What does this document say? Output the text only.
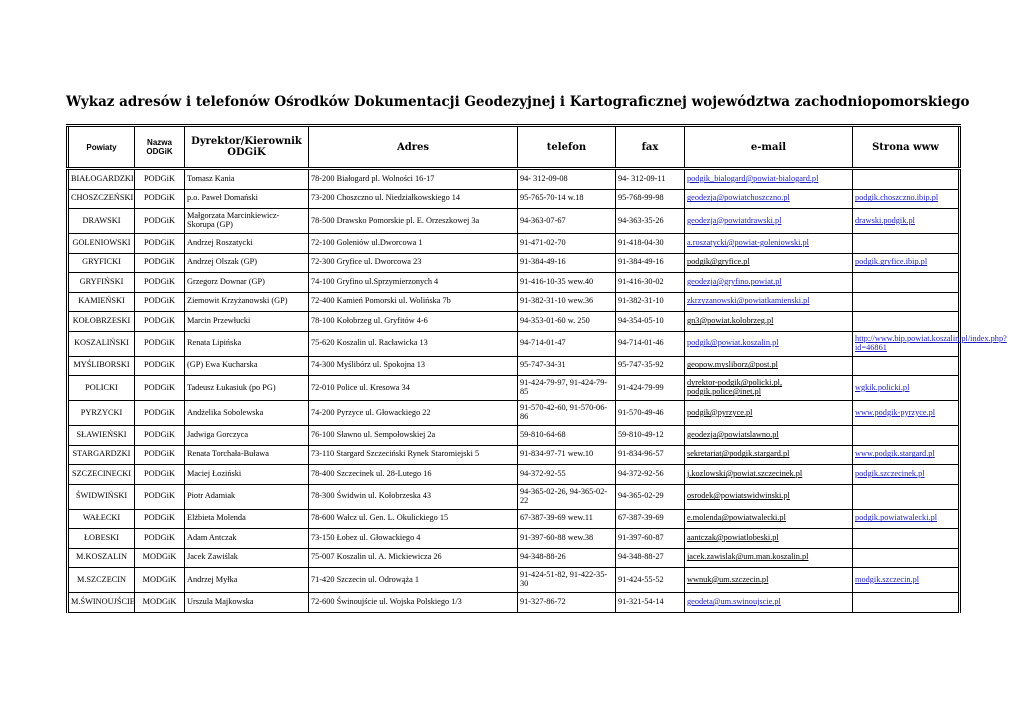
Wykaz adresów i telefonów Ośrodków Dokumentacji Geodezyjnej i Kartograficznej województwa zachodniopomorskiego
Powiaty	Nazwa ODGiK	Dyrektor/Kierownik ODGiK	Adres	telefon	fax	e-mail	Strona www
BIAŁOGARDZKI	PODGiK	Tomasz Kania	78-200 Białogard pl. Wolności 16-17	94- 312-09-08	94- 312-09-11	podgik_bialogard@powiat-bialogard.pl	
CHOSZCZEŃSKI	PODGiK	p.o. Paweł Domański	73-200 Choszczno ul. Niedziałkowskiego 14	95-765-70-14 w.18	95-768-99-98	geodezja@powiatchoszczno.pl	podgik.choszczno.ibip.pl
DRAWSKI	PODGiK	Małgorzata Marcinkiewicz-Skorupa (GP)	78-500 Drawsko Pomorskie pl. E. Orzeszkowej 3a	94-363-07-67	94-363-35-26	geodezja@powiatdrawski.pl	drawski.podgik.pl
GOLENIOWSKI	PODGiK	Andrzej Roszatycki	72-100 Goleniów ul.Dworcowa 1	91-471-02-70	91-418-04-30	a.roszatycki@powiat-goleniowski.pl	
GRYFICKI	PODGiK	Andrzej Olszak (GP)	72-300 Gryfice ul. Dworcowa 23	91-384-49-16	91-384-49-16	podgik@gryfice.pl	podgik.gryfice.ibip.pl
GRYFIŃSKI	PODGiK	Grzegorz Downar (GP)	74-100 Gryfino ul.Sprzymierzonych 4	91-416-10-35 wew.40	91-416-30-02	geodezja@gryfino.powiat.pl	
KAMIEŃSKI	PODGiK	Ziemowit Krzyżanowski (GP)	72-400 Kamień Pomorski ul. Wolińska 7b	91-382-31-10 wew.36	91-382-31-10	zkrzyzanowski@powiatkamienski.pl	
KOŁOBRZESKI	PODGiK	Marcin Przewłucki	78-100 Kołobrzeg ul. Gryfitów 4-6	94-353-01-60 w. 250	94-354-05-10	gn3@powiat.kolobrzeg.pl	
KOSZALIŃSKI	PODGiK	Renata Lipińska	75-620 Koszalin ul. Racławicka 13	94-714-01-47	94-714-01-46	podgik@powiat.koszalin.pl	http://www.bip.powiat.koszalin.pl/index.php?id=46861
MYŚLIBORSKI	PODGiK	(GP) Ewa Kucharska	74-300 Myślibórz ul. Spokojna 13	95-747-34-31	95-747-35-92	geopow.mysliborz@post.pl	
POLICKI	PODGiK	Tadeusz Łukasiuk (po PG)	72-010 Police ul. Kresowa 34	91-424-79-97, 91-424-79-85	91-424-79-99	dyrektor-podgik@policki.pl, podgik.police@inet.pl	wgkik.policki.pl
PYRZYCKI	PODGiK	Andżelika Sobolewska	74-200 Pyrzyce ul. Głowackiego 22	91-570-42-60, 91-570-06-86	91-570-49-46	podgik@pyrzyce.pl	www.podgik-pyrzyce.pl
SŁAWIEŃSKI	PODGiK	Jadwiga Gorczyca	76-100 Sławno ul. Sempołowskiej 2a	59-810-64-68	59-810-49-12	geodezja@powiatslawno.pl	
STARGARDZKI	PODGiK	Renata Torchała-Buława	73-110 Stargard Szczeciński Rynek Staromiejski 5	91-834-97-71 wew.10	91-834-96-57	sekretariat@podgik.stargard.pl	www.podgik.stargard.pl
SZCZECINECKI	PODGiK	Maciej Łoziński	78-400 Szczecinek ul. 28-Lutego 16	94-372-92-55	94-372-92-56	j.kozlowski@powiat.szczecinek.pl	podgik.szczecinek.pl
ŚWIDWIŃSKI	PODGiK	Piotr Adamiak	78-300 Świdwin ul. Kołobrzeska 43	94-365-02-26, 94-365-02-22	94-365-02-29	osrodek@powiatswidwinski.pl	
WAŁECKI	PODGiK	Elżbieta Molenda	78-600 Wałcz ul. Gen. L. Okulickiego 15	67-387-39-69 wew.11	67-387-39-69	e.molenda@powiatwalecki.pl	podgik.powiatwalecki.pl
ŁOBESKI	PODGiK	Adam Antczak	73-150 Łobez ul. Głowackiego 4	91-397-60-88 wew.38	91-397-60-87	aantczak@powiatlobeski.pl	
M.KOSZALIN	MODGiK	Jacek Zawiślak	75-007 Koszalin ul. A. Mickiewicza 26	94-348-88-26	94-348-88-27	jacek.zawislak@um.man.koszalin.pl	
M.SZCZECIN	MODGiK	Andrzej Myłka	71-420 Szczecin ul. Odrowąża 1	91-424-51-82, 91-422-35-30	91-424-55-52	wwnuk@um.szczecin.pl	modgik.szczecin.pl
M.ŚWINOUJŚCIE	MODGiK	Urszula Majkowska	72-600 Świnoujście ul. Wojska Polskiego 1/3	91-327-86-72	91-321-54-14	geodeta@um.swinoujscie.pl	
